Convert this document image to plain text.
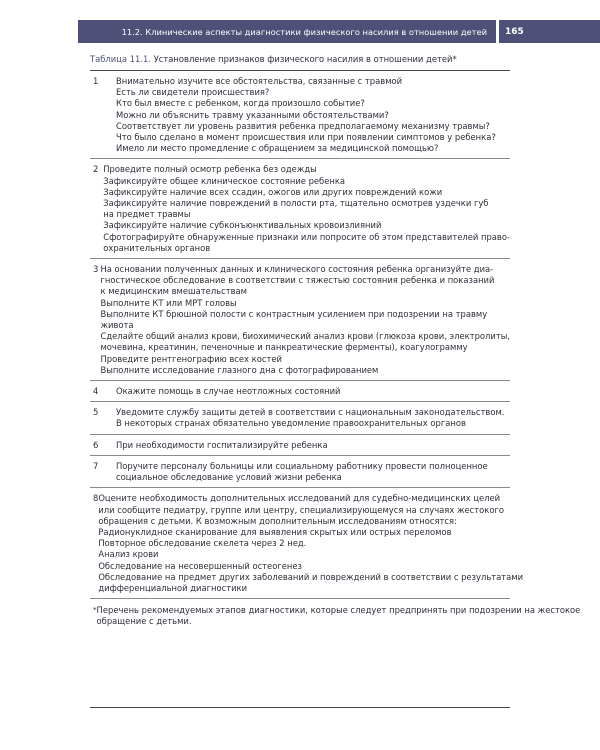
11.2. Клинические аспекты диагностики физического насилия в отношении детей	165
Таблица 11.1. Установление признаков физического насилия в отношении детей*
1	Внимательно изучите все обстоятельства, связанные с травмой
Есть ли свидетели происшествия?
Кто был вместе с ребенком, когда произошло событие?
Можно ли объяснить травму указанными обстоятельствами?
Соответствует ли уровень развития ребенка предполагаемому механизму травмы?
Что было сделано в момент происшествия или при появлении симптомов у ребенка?
Имело ли место промедление с обращением за медицинской помощью?
2 Проведите полный осмотр ребенка без одежды
Зафиксируйте общее клиническое состояние ребенка
Зафиксируйте наличие всех ссадин, ожогов или других повреждений кожи
Зафиксируйте наличие повреждений в полости рта, тщательно осмотрев уздечки губ
на предмет травмы
Зафиксируйте наличие субконъюнктивальных кровоизлияний
Сфотографируйте обнаруженные признаки или попросите об этом представителей право-
охранительных органов
3 На основании полученных данных и клинического состояния ребенка организуйте диа-
гностическое обследование в соответствии с тяжестью состояния ребенка и показаний
к медицинским вмешательствам
Выполните КТ или МРТ головы
Выполните КТ брюшной полости с контрастным усилением при подозрении на травму
живота
Сделайте общий анализ крови, биохимический анализ крови (глюкоза крови, электролиты,
мочевина, креатинин, печеночные и панкреатические ферменты), коагулограмму
Проведите рентгенографию всех костей
Выполните исследование глазного дна с фотографированием
4	Окажите помощь в случае неотложных состояний
5	Уведомите службу защиты детей в соответствии с национальным законодательством.
В некоторых странах обязательно уведомление правоохранительных органов
6	При необходимости госпитализируйте ребенка
7	Поручите персоналу больницы или социальному работнику провести полноценное
социальное обследование условий жизни ребенка
8 Оцените необходимость дополнительных исследований для судебно-медицинских целей
или сообщите педиатру, группе или центру, специализирующемуся на случаях жестокого
обращения с детьми. К возможным дополнительным исследованиям относятся:
Радионуклидное сканирование для выявления скрытых или острых переломов
Повторное обследование скелета через 2 нед.
Анализ крови
Обследование на несовершенный остеогенез
Обследование на предмет других заболеваний и повреждений в соответствии с результатами
дифференциальной диагностики
* Перечень рекомендуемых этапов диагностики, которые следует предпринять при подозрении на жестокое
обращение с детьми.
